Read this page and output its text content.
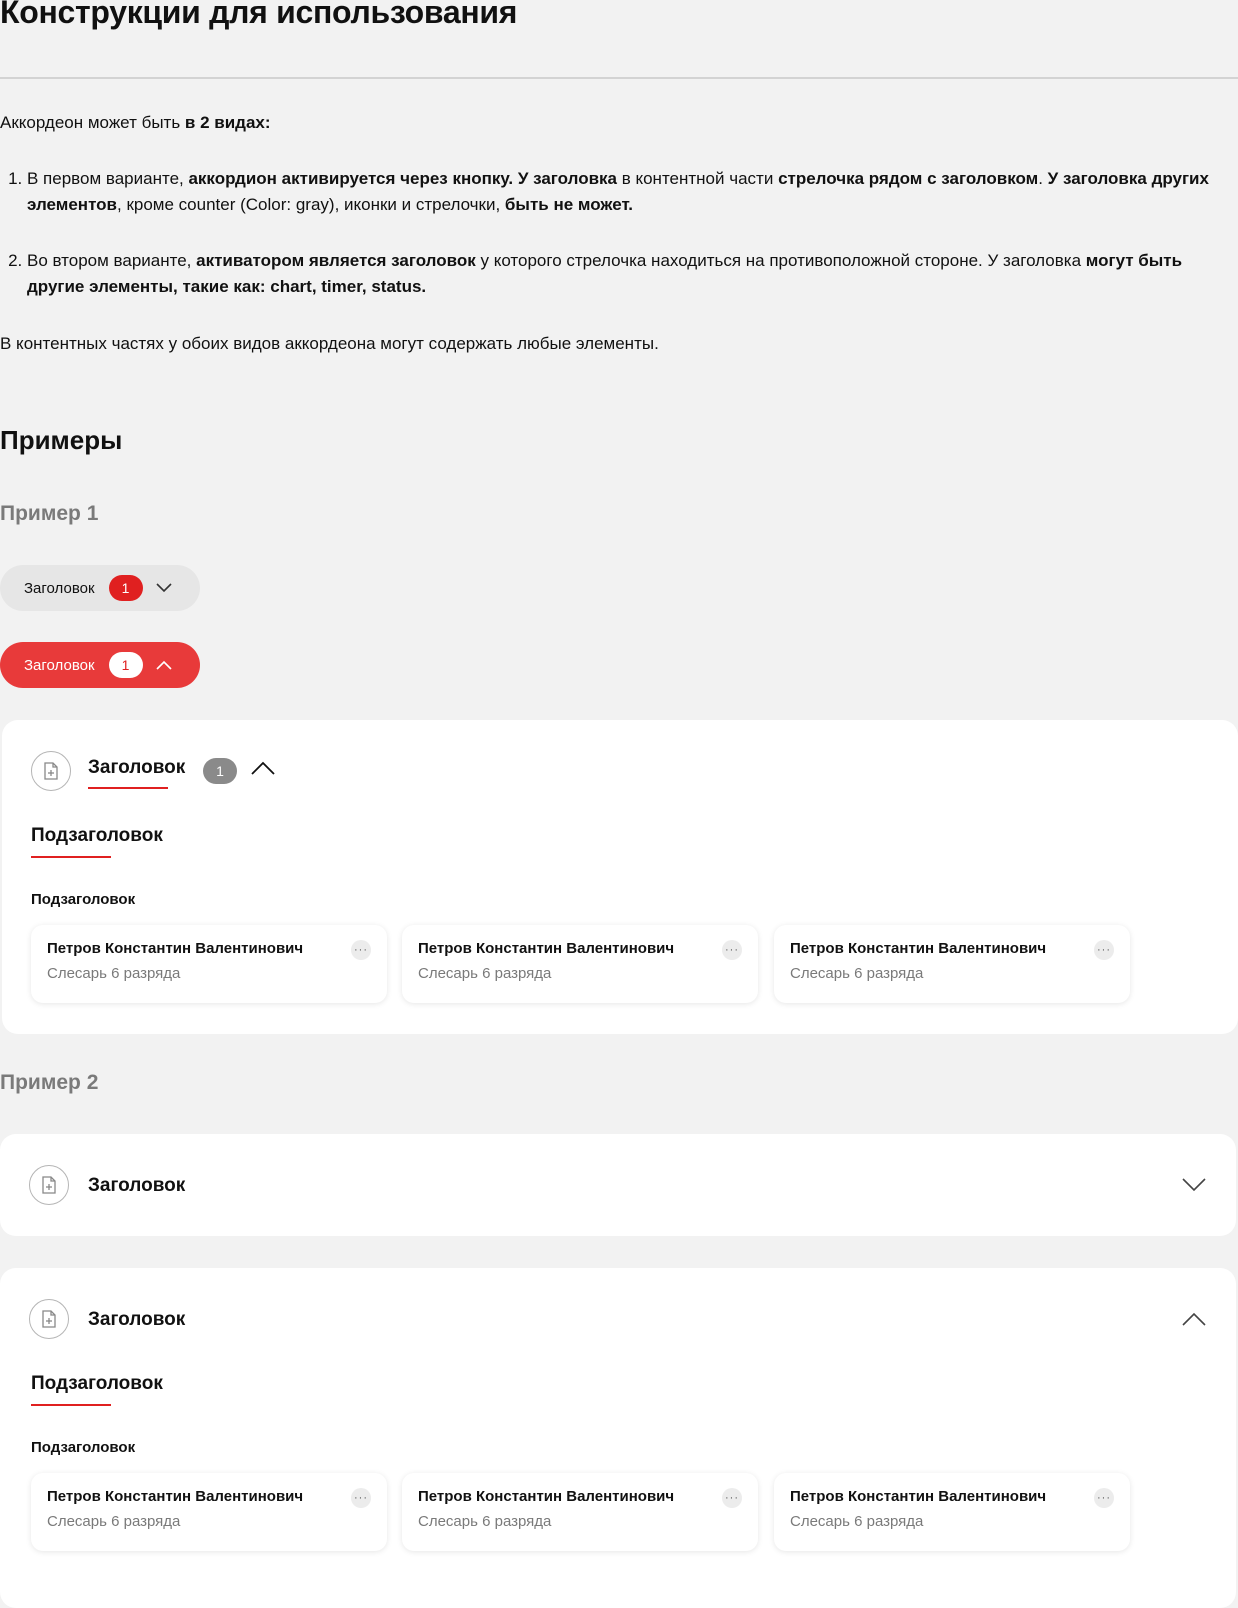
Конструкции для использования

Аккордеон может быть в 2 видах:

1. В первом варианте, аккордион активируется через кнопку. У заголовка в контентной части стрелочка рядом с заголовком. У заголовка других элементов, кроме counter (Color: gray), иконки и стрелочки, быть не может.
2. Во втором варианте, активатором является заголовок у которого стрелочка находиться на противоположной стороне. У заголовка могут быть другие элементы, такие как: chart, timer, status.

В контентных частях у обоих видов аккордеона могут содержать любые элементы.

Примеры

Пример 1

Заголовок	1
Заголовок	1
Заголовок	1
Подзаголовок
Подзаголовок
Петров Константин Валентинович
Слесарь 6 разряда
···	Петров Константин Валентинович
Слесарь 6 разряда
···	Петров Константин Валентинович
Слесарь 6 разряда
···

Пример 2

Заголовок
Заголовок
Подзаголовок
Подзаголовок
Петров Константин Валентинович
Слесарь 6 разряда
···	Петров Константин Валентинович
Слесарь 6 разряда
···	Петров Константин Валентинович
Слесарь 6 разряда
···
